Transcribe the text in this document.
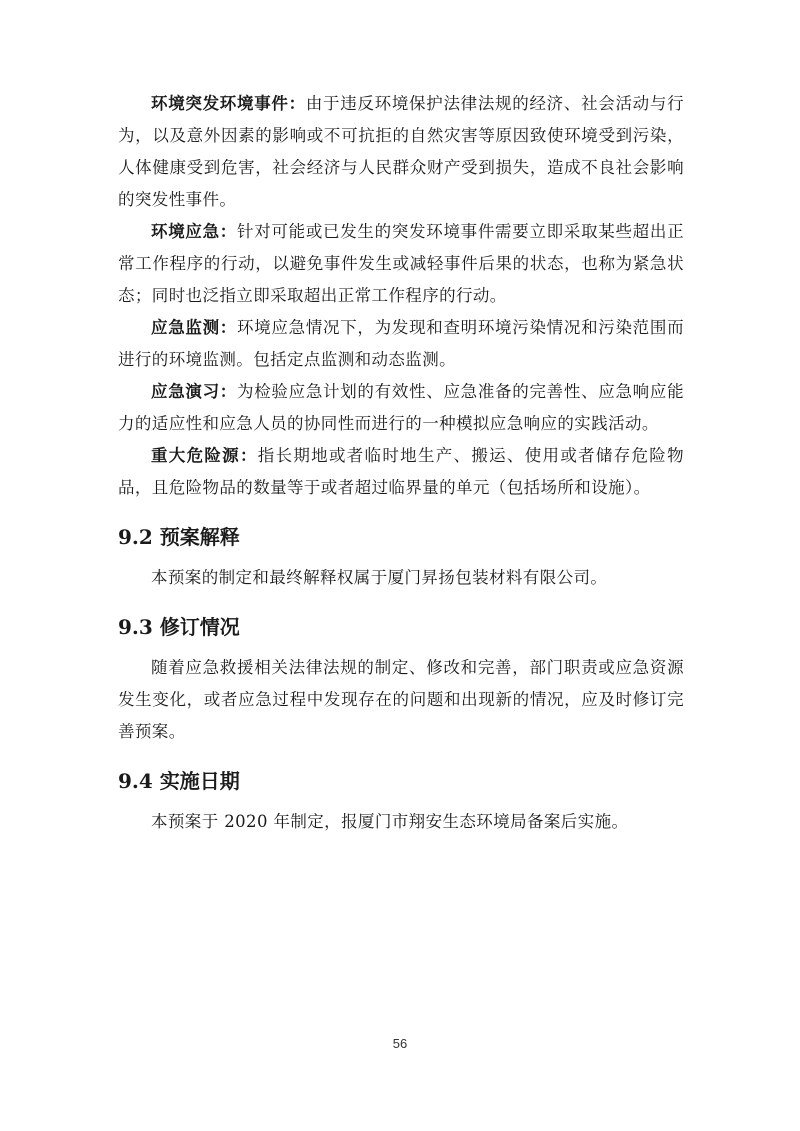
环境突发环境事件：由于违反环境保护法律法规的经济、社会活动与行为，以及意外因素的影响或不可抗拒的自然灾害等原因致使环境受到污染，人体健康受到危害，社会经济与人民群众财产受到损失，造成不良社会影响的突发性事件。

环境应急：针对可能或已发生的突发环境事件需要立即采取某些超出正常工作程序的行动，以避免事件发生或减轻事件后果的状态，也称为紧急状态；同时也泛指立即采取超出正常工作程序的行动。

应急监测：环境应急情况下，为发现和查明环境污染情况和污染范围而进行的环境监测。包括定点监测和动态监测。

应急演习：为检验应急计划的有效性、应急准备的完善性、应急响应能力的适应性和应急人员的协同性而进行的一种模拟应急响应的实践活动。

重大危险源：指长期地或者临时地生产、搬运、使用或者储存危险物品，且危险物品的数量等于或者超过临界量的单元（包括场所和设施）。

9.2 预案解释

本预案的制定和最终解释权属于厦门昇扬包装材料有限公司。

9.3 修订情况

随着应急救援相关法律法规的制定、修改和完善，部门职责或应急资源发生变化，或者应急过程中发现存在的问题和出现新的情况，应及时修订完善预案。

9.4 实施日期

本预案于 2020 年制定，报厦门市翔安生态环境局备案后实施。

56
